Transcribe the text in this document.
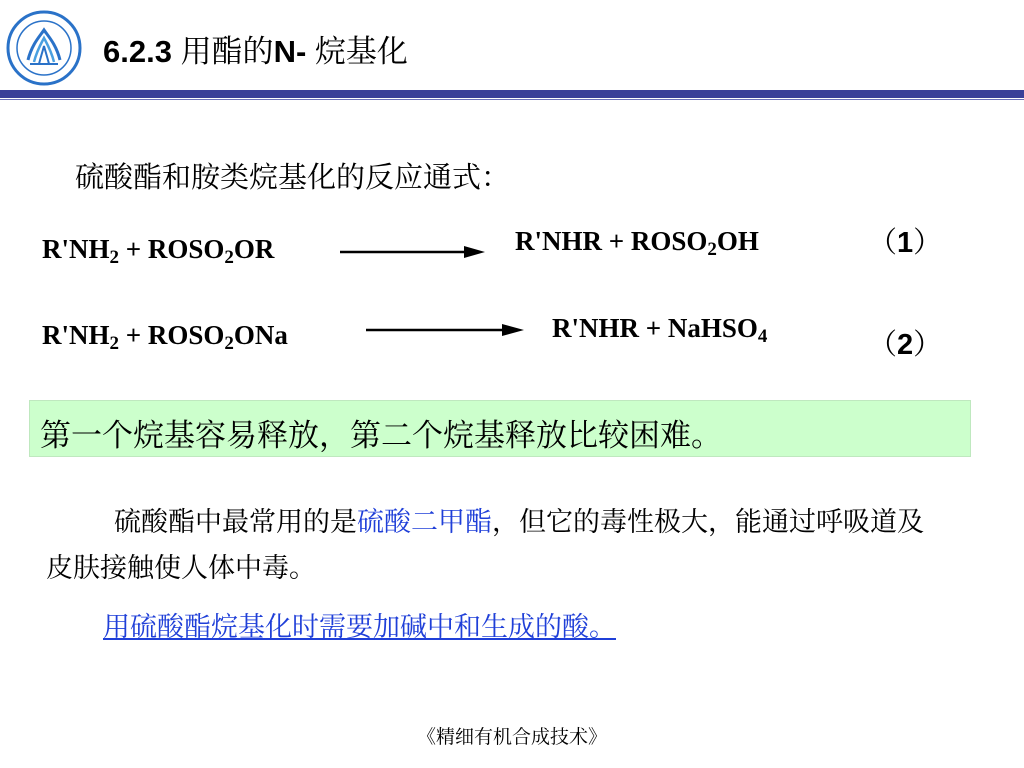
6.2.3 用酯的N- 烷基化
硫酸酯和胺类烷基化的反应通式：
$R'NH_2$ + $ROSO_2OR$	$R'NHR + ROSO_2OH$	（1）
$R'NH_2$ + $ROSO_2ONa$	R'NHR + NaHSO$_4$	（2）
第一个烷基容易释放，第二个烷基释放比较困难。
硫酸酯中最常用的是硫酸二甲酯，但它的毒性极大，能通过呼吸道及皮肤接触使人体中毒。
用硫酸酯烷基化时需要加碱中和生成的酸。
《精细有机合成技术》
